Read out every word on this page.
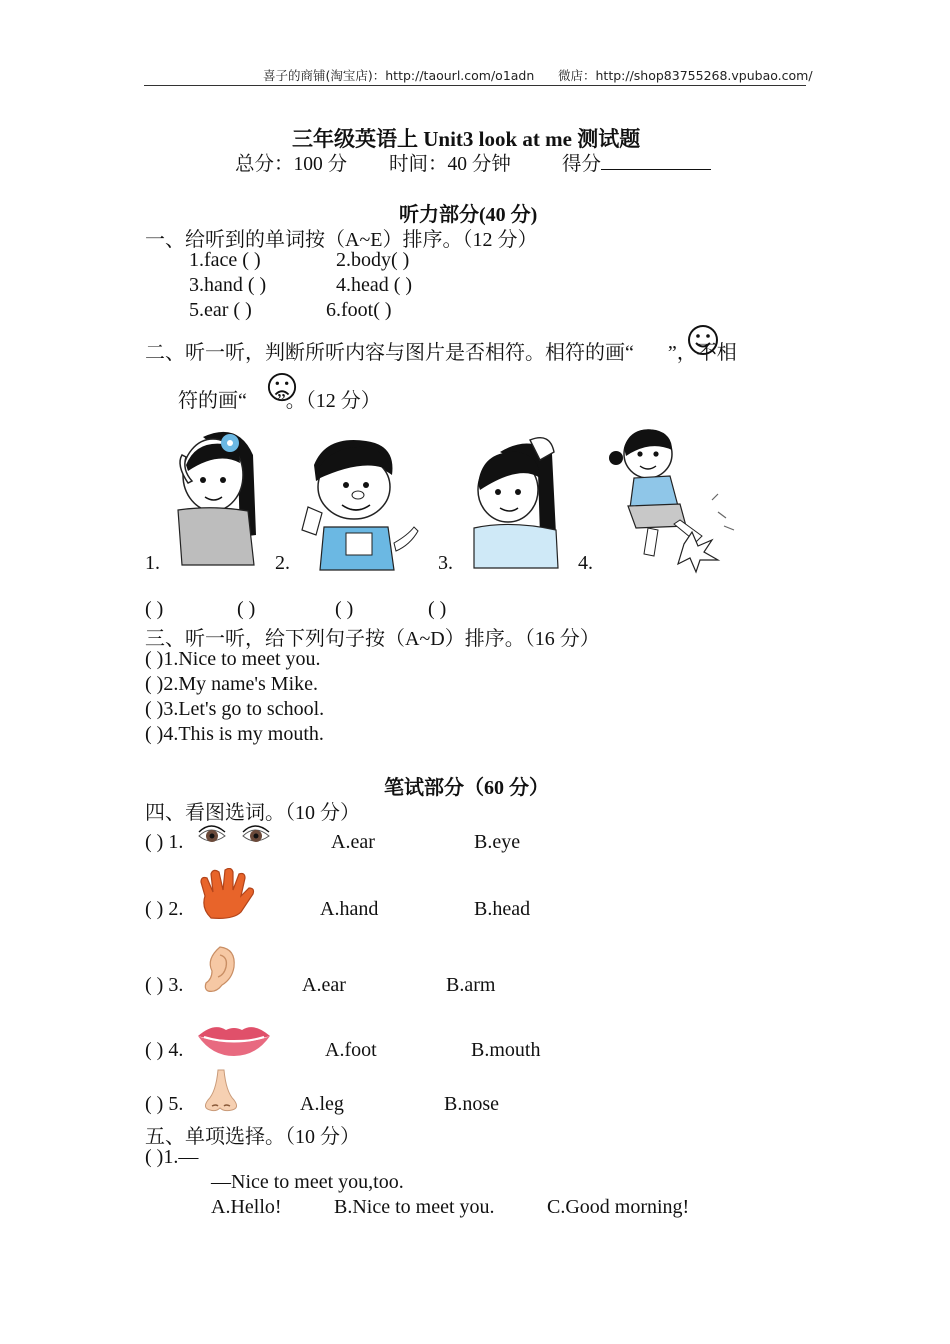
喜子的商铺(淘宝店)：http://taourl.com/o1adn 微店：http://shop83755268.vpubao.com/
三年级英语上 Unit3 look at me 测试题
总分：100 分 时间：40 分钟	得分
听力部分(40 分)
一、给听到的单词按（A~E）排序。（12 分）
1.face ( )	2.body( )
3.hand ( )	4.head ( )
5.ear ( )	6.foot( )
二、听一听，判断所听内容与图片是否相符。相符的画“ ”，不相
符的画“ ”。（12 分）
1.	2.	3.	4.
( )	( )	( )	( )
三、听一听，给下列句子按（A~D）排序。（16 分）
( )1.Nice to meet you.
( )2.My name's Mike.
( )3.Let's go to school.
( )4.This is my mouth.
笔试部分（60 分）
四、看图选词。（10 分）
( ) 1.	A.ear	B.eye
( ) 2.	A.hand	B.head
( ) 3.	A.ear	B.arm
( ) 4.	A.foot	B.mouth
( ) 5.	A.leg	B.nose
五、单项选择。（10 分）
( )1.—
—Nice to meet you,too.
A.Hello!	B.Nice to meet you.	C.Good morning!
